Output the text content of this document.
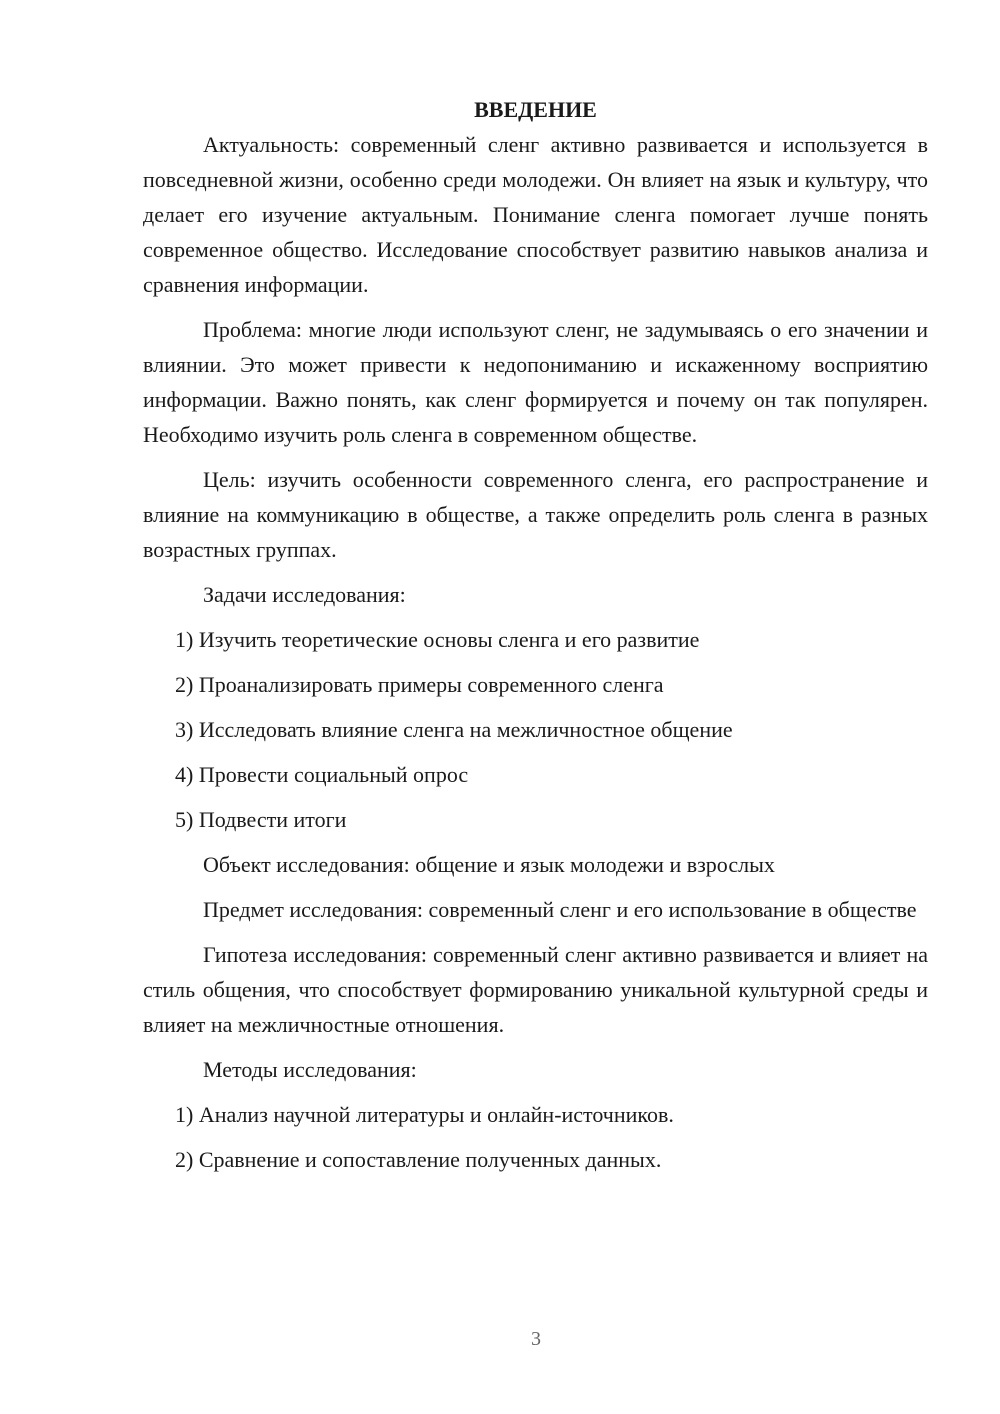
ВВЕДЕНИЕ

Актуальность: современный сленг активно развивается и используется в повседневной жизни, особенно среди молодежи. Он влияет на язык и культуру, что делает его изучение актуальным. Понимание сленга помогает лучше понять современное общество. Исследование способствует развитию навыков анализа и сравнения информации.

Проблема: многие люди используют сленг, не задумываясь о его значении и влиянии. Это может привести к недопониманию и искаженному восприятию информации. Важно понять, как сленг формируется и почему он так популярен. Необходимо изучить роль сленга в современном обществе.

Цель: изучить особенности современного сленга, его распространение и влияние на коммуникацию в обществе, а также определить роль сленга в разных возрастных группах.

Задачи исследования:

1) Изучить теоретические основы сленга и его развитие
2) Проанализировать примеры современного сленга
3) Исследовать влияние сленга на межличностное общение
4) Провести социальный опрос
5) Подвести итоги

Объект исследования: общение и язык молодежи и взрослых

Предмет исследования: современный сленг и его использование в обществе

Гипотеза исследования: современный сленг активно развивается и влияет на стиль общения, что способствует формированию уникальной культурной среды и влияет на межличностные отношения.

Методы исследования:

1) Анализ научной литературы и онлайн-источников.
2) Сравнение и сопоставление полученных данных.
3
